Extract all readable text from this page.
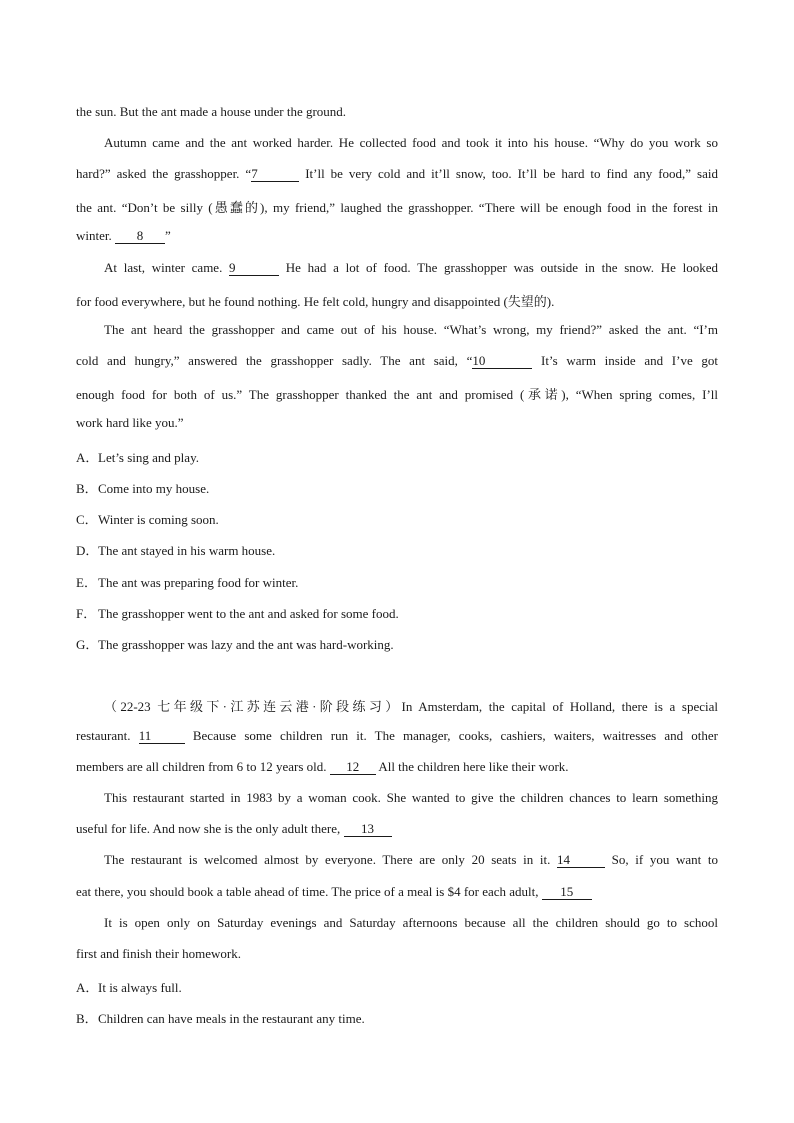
the sun. But the ant made a house under the ground.
Autumn came and the ant worked harder. He collected food and took it into his house. “Why do you work so
hard?” asked the grasshopper. “7	It’ll be very cold and it’ll snow, too. It’ll be hard to find any food,” said
the ant. “Don’t be silly (愚蠢的), my friend,” laughed the grasshopper. “There will be enough food in the forest in
winter. 8 ”
At last, winter came. 9	He had a lot of food. The grasshopper was outside in the snow. He looked
for food everywhere, but he found nothing. He felt cold, hungry and disappointed (失望的).
The ant heard the grasshopper and came out of his house. “What’s wrong, my friend?” asked the ant. “I’m
cold and hungry,” answered the grasshopper sadly. The ant said, “10	It’s warm inside and I’ve got
enough food for both of us.” The grasshopper thanked the ant and promised (承诺), “When spring comes, I’ll
work hard like you.”
A．Let’s sing and play.
B．Come into my house.
C．Winter is coming soon.
D．The ant stayed in his warm house.
E．The ant was preparing food for winter.
F． The grasshopper went to the ant and asked for some food.
G．The grasshopper was lazy and the ant was hard-working.
（22-23 七年级下·江苏连云港·阶段练习）In Amsterdam, the capital of Holland, there is a special
restaurant. 11	Because some children run it. The manager, cooks, cashiers, waiters, waitresses and other
members are all children from 6 to 12 years old. 12 All the children here like their work.
This restaurant started in 1983 by a woman cook. She wanted to give the children chances to learn something
useful for life. And now she is the only adult there, 13
The restaurant is welcomed almost by everyone. There are only 20 seats in it. 14	So, if you want to
eat there, you should book a table ahead of time. The price of a meal is $4 for each adult, 15
It is open only on Saturday evenings and Saturday afternoons because all the children should go to school
first and finish their homework.
A．It is always full.
B．Children can have meals in the restaurant any time.
